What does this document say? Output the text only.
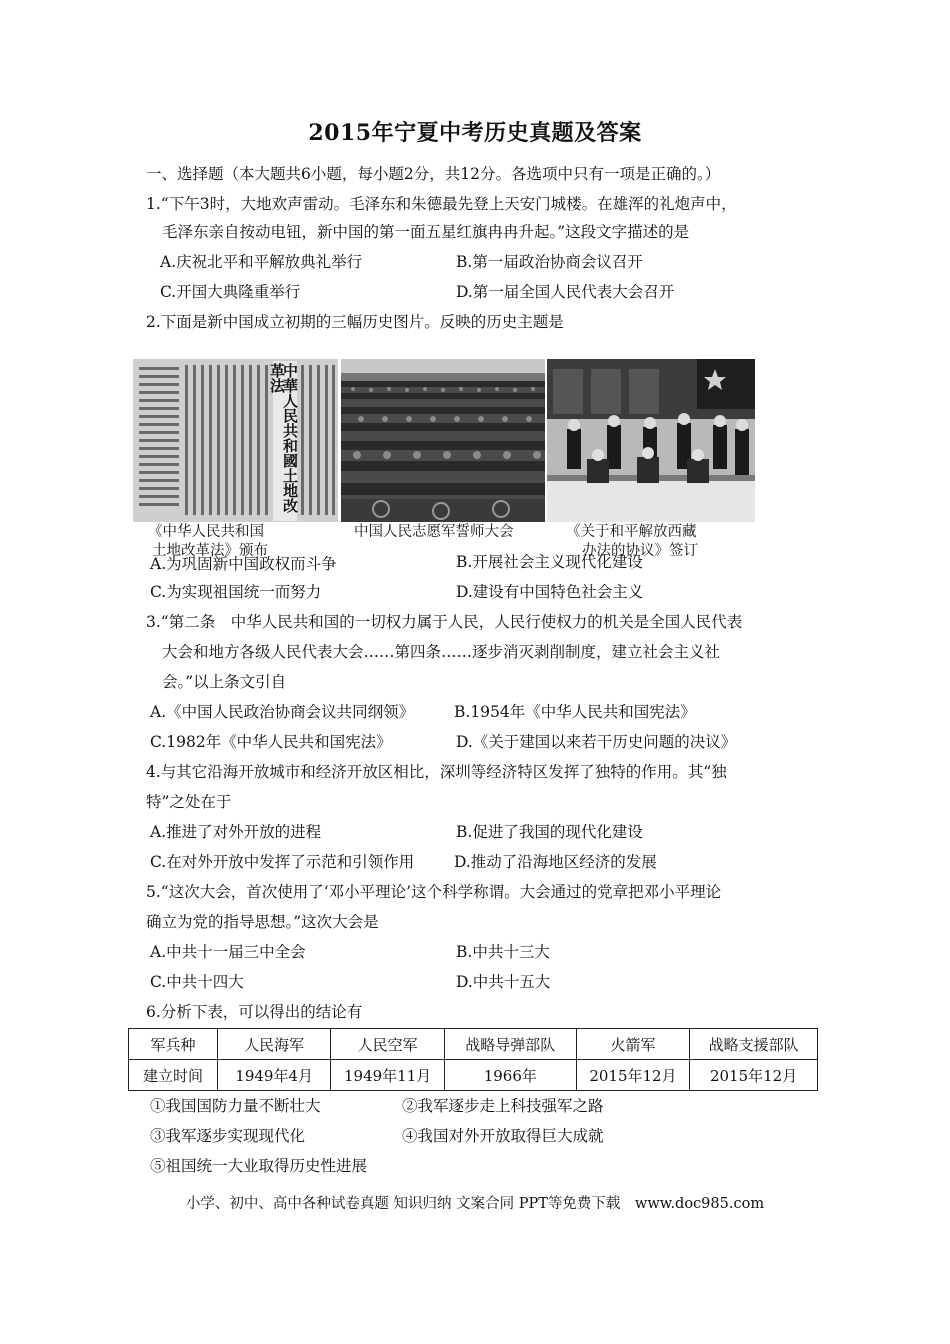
2015年宁夏中考历史真题及答案
一、选择题（本大题共6小题，每小题2分，共12分。各选项中只有一项是正确的。）
1.“下午3时，大地欢声雷动。毛泽东和朱德最先登上天安门城楼。在雄浑的礼炮声中，
毛泽东亲自按动电钮，新中国的第一面五星红旗冉冉升起。”这段文字描述的是
A.庆祝北平和平解放典礼举行	B.第一届政治协商会议召开
C.开国大典隆重举行	D.第一届全国人民代表大会召开
2.下面是新中国成立初期的三幅历史图片。反映的历史主题是
中華人民共和國土地改革法
《中华人民共和国
土地改革法》颁布
中国人民志愿军誓师大会	《关于和平解放西藏
办法的协议》签订
A.为巩固新中国政权而斗争	B.开展社会主义现代化建设
C.为实现祖国统一而努力	D.建设有中国特色社会主义
3.“第二条　中华人民共和国的一切权力属于人民，人民行使权力的机关是全国人民代表
大会和地方各级人民代表大会……第四条……逐步消灭剥削制度，建立社会主义社
会。”以上条文引自
A.《中国人民政治协商会议共同纲领》	B.1954年《中华人民共和国宪法》
C.1982年《中华人民共和国宪法》	D.《关于建国以来若干历史问题的决议》
4.与其它沿海开放城市和经济开放区相比，深圳等经济特区发挥了独特的作用。其“独
特”之处在于
A.推进了对外开放的进程	B.促进了我国的现代化建设
C.在对外开放中发挥了示范和引领作用	D.推动了沿海地区经济的发展
5.“这次大会，首次使用了‘邓小平理论’这个科学称谓。大会通过的党章把邓小平理论
确立为党的指导思想。”这次大会是
A.中共十一届三中全会	B.中共十三大
C.中共十四大	D.中共十五大
6.分析下表，可以得出的结论有
军兵种	人民海军	人民空军	战略导弹部队	火箭军	战略支援部队
建立时间	1949年4月	1949年11月	1966年	2015年12月	2015年12月
①我国国防力量不断壮大	②我军逐步走上科技强军之路
③我军逐步实现现代化	④我国对外开放取得巨大成就
⑤祖国统一大业取得历史性进展
小学、初中、高中各种试卷真题 知识归纳 文案合同 PPT等免费下载　www.doc985.com
